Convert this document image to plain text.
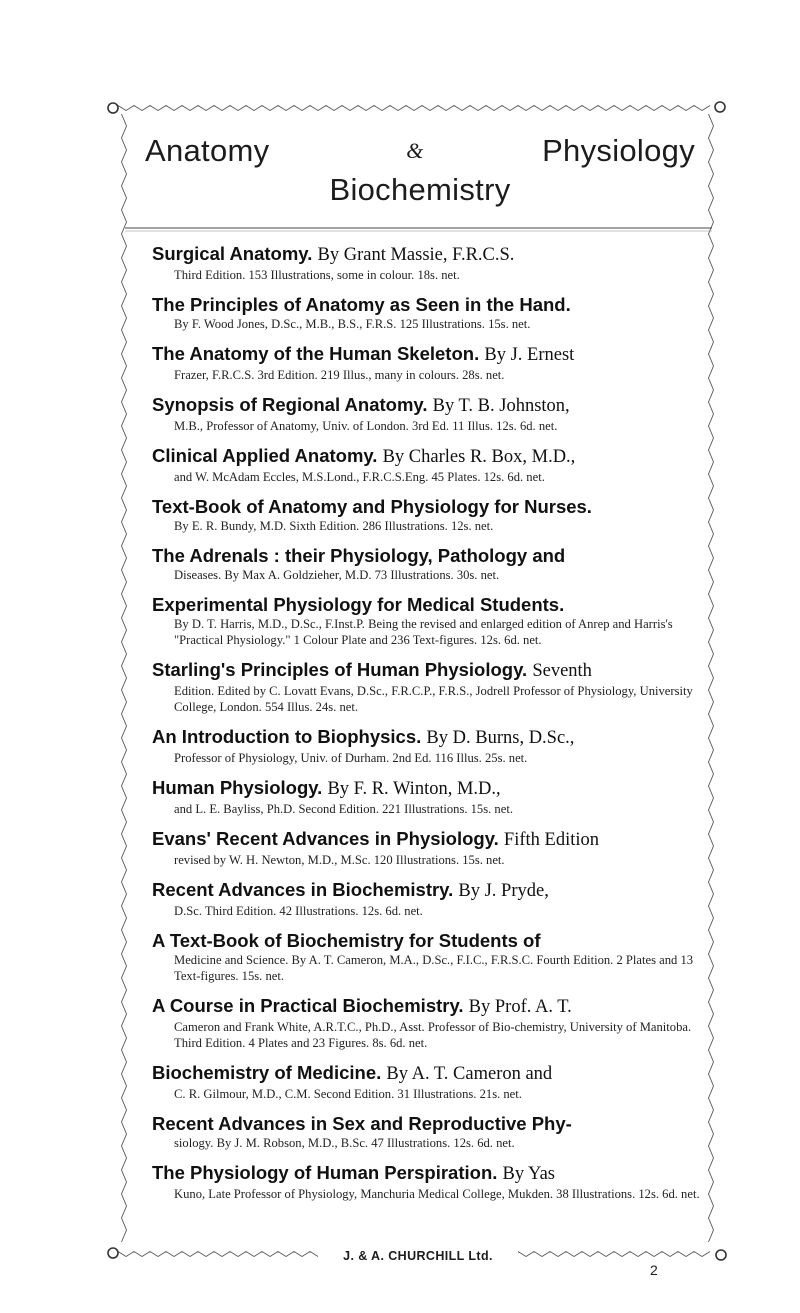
Anatomy	&	Physiology
Biochemistry
Surgical Anatomy. By Grant Massie, F.R.C.S.
Third Edition. 153 Illustrations, some in colour. 18s. net.
The Principles of Anatomy as Seen in the Hand.
By F. Wood Jones, D.Sc., M.B., B.S., F.R.S. 125 Illustrations. 15s. net.
The Anatomy of the Human Skeleton. By J. Ernest
Frazer, F.R.C.S. 3rd Edition. 219 Illus., many in colours. 28s. net.
Synopsis of Regional Anatomy. By T. B. Johnston,
M.B., Professor of Anatomy, Univ. of London. 3rd Ed. 11 Illus. 12s. 6d. net.
Clinical Applied Anatomy. By Charles R. Box, M.D.,
and W. McAdam Eccles, M.S.Lond., F.R.C.S.Eng. 45 Plates. 12s. 6d. net.
Text-Book of Anatomy and Physiology for Nurses.
By E. R. Bundy, M.D. Sixth Edition. 286 Illustrations. 12s. net.
The Adrenals : their Physiology, Pathology and
Diseases. By Max A. Goldzieher, M.D. 73 Illustrations. 30s. net.
Experimental Physiology for Medical Students.
By D. T. Harris, M.D., D.Sc., F.Inst.P. Being the revised and enlarged edition of Anrep and Harris's "Practical Physiology." 1 Colour Plate and 236 Text-figures. 12s. 6d. net.
Starling's Principles of Human Physiology. Seventh
Edition. Edited by C. Lovatt Evans, D.Sc., F.R.C.P., F.R.S., Jodrell Professor of Physiology, University College, London. 554 Illus. 24s. net.
An Introduction to Biophysics. By D. Burns, D.Sc.,
Professor of Physiology, Univ. of Durham. 2nd Ed. 116 Illus. 25s. net.
Human Physiology. By F. R. Winton, M.D.,
and L. E. Bayliss, Ph.D. Second Edition. 221 Illustrations. 15s. net.
Evans' Recent Advances in Physiology. Fifth Edition
revised by W. H. Newton, M.D., M.Sc. 120 Illustrations. 15s. net.
Recent Advances in Biochemistry. By J. Pryde,
D.Sc. Third Edition. 42 Illustrations. 12s. 6d. net.
A Text-Book of Biochemistry for Students of
Medicine and Science. By A. T. Cameron, M.A., D.Sc., F.I.C., F.R.S.C. Fourth Edition. 2 Plates and 13 Text-figures. 15s. net.
A Course in Practical Biochemistry. By Prof. A. T.
Cameron and Frank White, A.R.T.C., Ph.D., Asst. Professor of Bio-chemistry, University of Manitoba. Third Edition. 4 Plates and 23 Figures. 8s. 6d. net.
Biochemistry of Medicine. By A. T. Cameron and
C. R. Gilmour, M.D., C.M. Second Edition. 31 Illustrations. 21s. net.
Recent Advances in Sex and Reproductive Phy-
siology. By J. M. Robson, M.D., B.Sc. 47 Illustrations. 12s. 6d. net.
The Physiology of Human Perspiration. By Yas
Kuno, Late Professor of Physiology, Manchuria Medical College, Mukden. 38 Illustrations. 12s. 6d. net.
J. & A. CHURCHILL Ltd.
2
